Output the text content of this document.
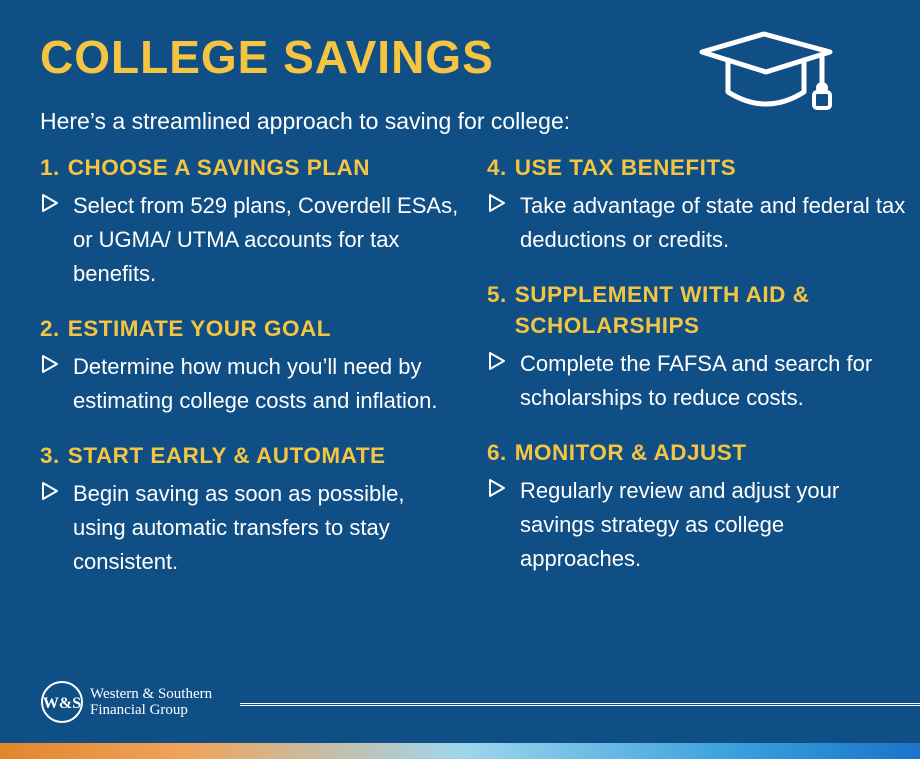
COLLEGE SAVINGS

Here’s a streamlined approach to saving for college:

1. CHOOSE A SAVINGS PLAN
Select from 529 plans, Coverdell ESAs, or UGMA/ UTMA accounts for tax benefits.
2. ESTIMATE YOUR GOAL
Determine how much you’ll need by estimating college costs and inflation.
3. START EARLY & AUTOMATE
Begin saving as soon as possible, using automatic transfers to stay consistent.
4. USE TAX BENEFITS
Take advantage of state and federal tax deductions or credits.
5. SUPPLEMENT WITH AID & SCHOLARSHIPS
Complete the FAFSA and search for scholarships to reduce costs.
6. MONITOR & ADJUST
Regularly review and adjust your savings strategy as college approaches.
W&S
Western & Southern
Financial Group
